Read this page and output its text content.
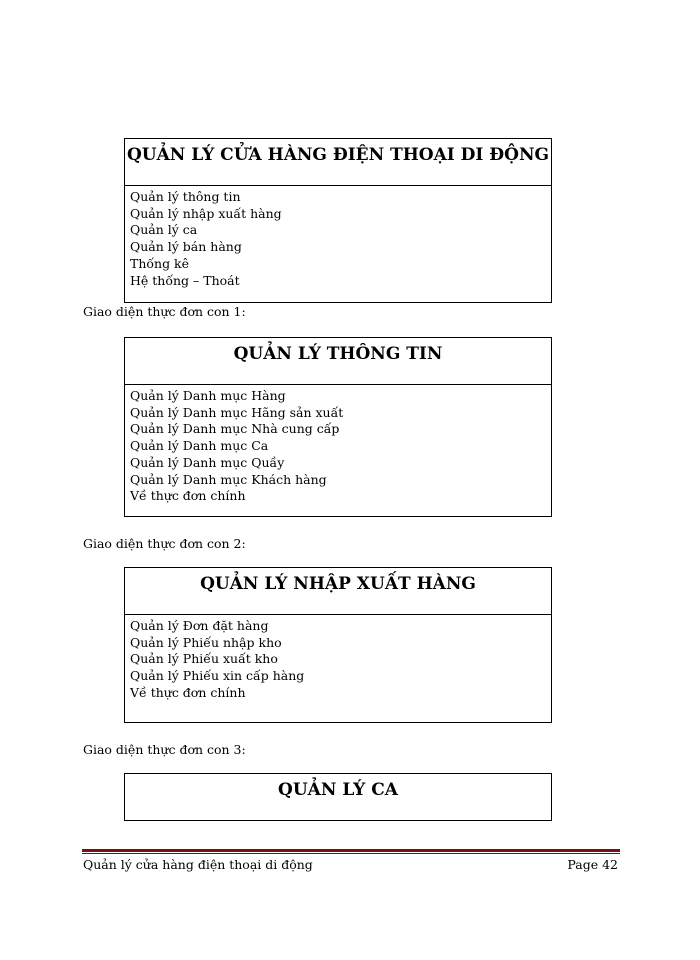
QUẢN LÝ CỬA HÀNG ĐIỆN THOẠI DI ĐỘNG
Quản lý thông tin
Quản lý nhập xuất hàng
Quản lý ca
Quản lý bán hàng
Thống kê
Hệ thống – Thoát
Giao diện thực đơn con 1:
QUẢN LÝ THÔNG TIN
Quản lý Danh mục Hàng
Quản lý Danh mục Hãng sản xuất
Quản lý Danh mục Nhà cung cấp
Quản lý Danh mục Ca
Quản lý Danh mục Quầy
Quản lý Danh mục Khách hàng
Về thực đơn chính
Giao diện thực đơn con 2:
QUẢN LÝ NHẬP XUẤT HÀNG
Quản lý Đơn đặt hàng
Quản lý Phiếu nhập kho
Quản lý Phiếu xuất kho
Quản lý Phiếu xin cấp hàng
Về thực đơn chính
Giao diện thực đơn con 3:
QUẢN LÝ CA
Quản lý cửa hàng điện thoại di động	Page 42
